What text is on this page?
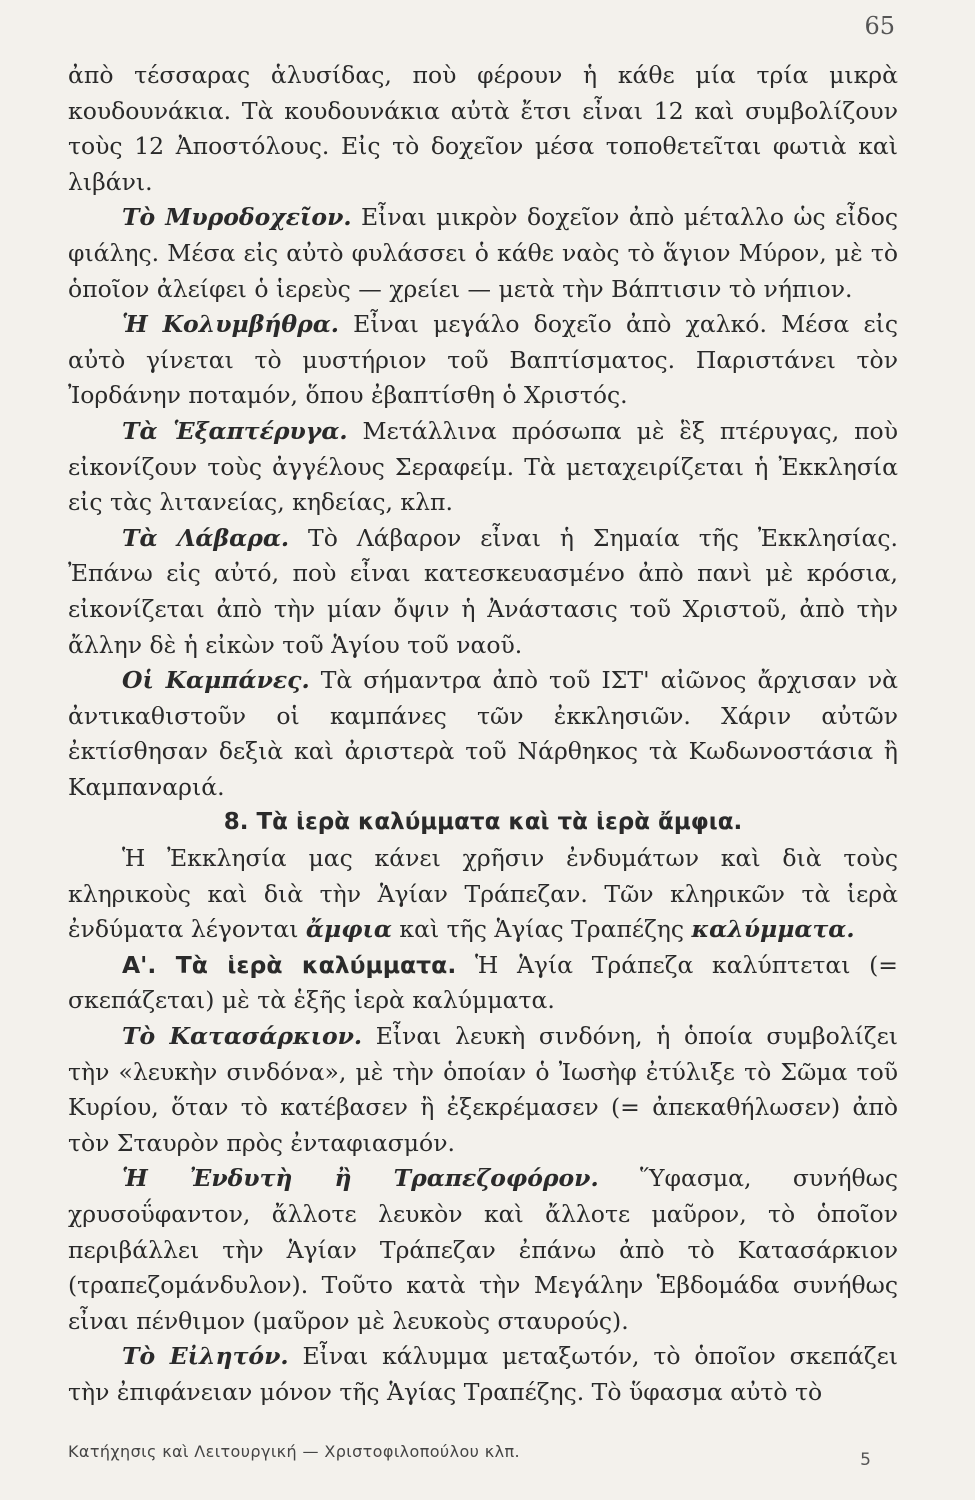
65

ἀπὸ τέσσαρας ἁλυσίδας, ποὺ φέρουν ἡ κάθε μία τρία μικρὰ κουδουνάκια. Τὰ κουδουνάκια αὐτὰ ἔτσι εἶναι 12 καὶ συμβολίζουν τοὺς 12 Ἀποστόλους. Εἰς τὸ δοχεῖον μέσα τοποθετεῖται φωτιὰ καὶ λιβάνι.

Τὸ Μυροδοχεῖον. Εἶναι μικρὸν δοχεῖον ἀπὸ μέταλλο ὡς εἶδος φιάλης. Μέσα εἰς αὐτὸ φυλάσσει ὁ κάθε ναὸς τὸ ἅγιον Μύρον, μὲ τὸ ὁποῖον ἀλείφει ὁ ἱερεὺς — χρείει — μετὰ τὴν Βάπτισιν τὸ νήπιον.

Ἡ Κολυμβήθρα. Εἶναι μεγάλο δοχεῖο ἀπὸ χαλκό. Μέσα εἰς αὐτὸ γίνεται τὸ μυστήριον τοῦ Βαπτίσματος. Παριστάνει τὸν Ἰορδάνην ποταμόν, ὅπου ἐβαπτίσθη ὁ Χριστός.

Τὰ Ἑξαπτέρυγα. Μετάλλινα πρόσωπα μὲ ἓξ πτέρυγας, ποὺ εἰκονίζουν τοὺς ἀγγέλους Σεραφείμ. Τὰ μεταχειρίζεται ἡ Ἐκκλησία εἰς τὰς λιτανείας, κηδείας, κλπ.

Τὰ Λάβαρα. Τὸ Λάβαρον εἶναι ἡ Σημαία τῆς Ἐκκλησίας. Ἐπάνω εἰς αὐτό, ποὺ εἶναι κατεσκευασμένο ἀπὸ πανὶ μὲ κρόσια, εἰκονίζεται ἀπὸ τὴν μίαν ὄψιν ἡ Ἀνάστασις τοῦ Χριστοῦ, ἀπὸ τὴν ἄλλην δὲ ἡ εἰκὼν τοῦ Ἁγίου τοῦ ναοῦ.

Οἱ Καμπάνες. Τὰ σήμαντρα ἀπὸ τοῦ ΙΣΤ' αἰῶνος ἄρχισαν νὰ ἀντικαθιστοῦν οἱ καμπάνες τῶν ἐκκλησιῶν. Χάριν αὐτῶν ἐκτίσθησαν δεξιὰ καὶ ἀριστερὰ τοῦ Νάρθηκος τὰ Κωδωνοστάσια ἢ Καμπαναριά.

8. Τὰ ἱερὰ καλύμματα καὶ τὰ ἱερὰ ἄμφια.

Ἡ Ἐκκλησία μας κάνει χρῆσιν ἐνδυμάτων καὶ διὰ τοὺς κληρικοὺς καὶ διὰ τὴν Ἁγίαν Τράπεζαν. Τῶν κληρικῶν τὰ ἱερὰ ἐνδύματα λέγονται ἄμφια καὶ τῆς Ἁγίας Τραπέζης καλύμματα.

Α'. Τὰ ἱερὰ καλύμματα. Ἡ Ἁγία Τράπεζα καλύπτεται (= σκεπάζεται) μὲ τὰ ἑξῆς ἱερὰ καλύμματα.

Τὸ Κατασάρκιον. Εἶναι λευκὴ σινδόνη, ἡ ὁποία συμβολίζει τὴν «λευκὴν σινδόνα», μὲ τὴν ὁποίαν ὁ Ἰωσὴφ ἐτύλιξε τὸ Σῶμα τοῦ Κυρίου, ὅταν τὸ κατέβασεν ἢ ἐξεκρέμασεν (= ἀπεκαθήλωσεν) ἀπὸ τὸν Σταυρὸν πρὸς ἐνταφιασμόν.

Ἡ Ἐνδυτὴ ἢ Τραπεζοφόρον. Ὕφασμα, συνήθως χρυσοΰφαντον, ἄλλοτε λευκὸν καὶ ἄλλοτε μαῦρον, τὸ ὁποῖον περιβάλλει τὴν Ἁγίαν Τράπεζαν ἐπάνω ἀπὸ τὸ Κατασάρκιον (τραπεζομάνδυλον). Τοῦτο κατὰ τὴν Μεγάλην Ἑβδομάδα συνήθως εἶναι πένθιμον (μαῦρον μὲ λευκοὺς σταυρούς).

Τὸ Εἰλητόν. Εἶναι κάλυμμα μεταξωτόν, τὸ ὁποῖον σκεπάζει τὴν ἐπιφάνειαν μόνον τῆς Ἁγίας Τραπέζης. Τὸ ὕφασμα αὐτὸ τὸ

Κατήχησις καὶ Λειτουργική — Χριστοφιλοπούλου κλπ.	5
